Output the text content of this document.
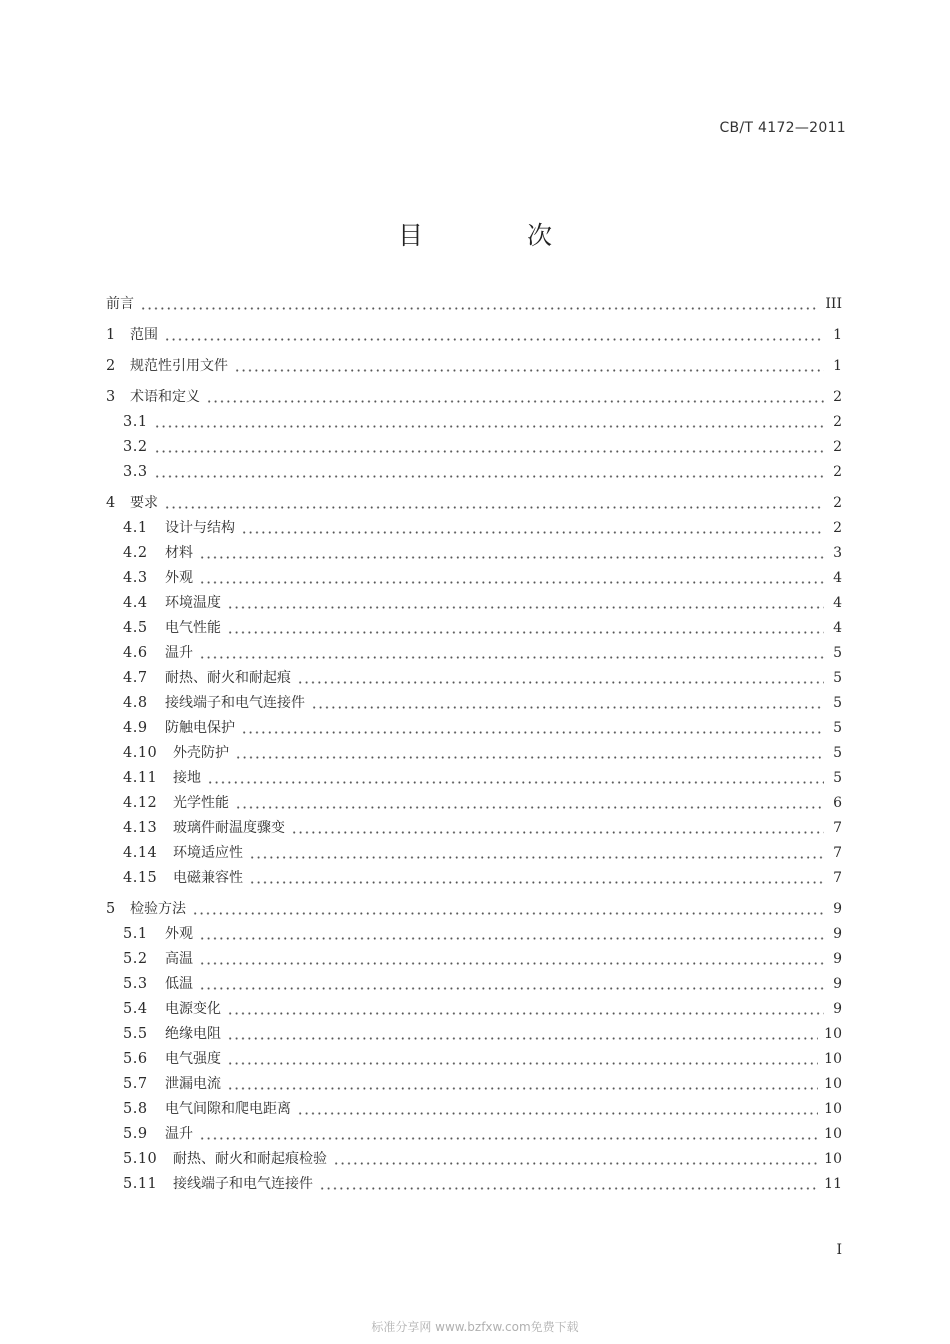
CB/T 4172—2011
目 次
前言	III
1	范围	1
2	规范性引用文件	1
3	术语和定义	2
3.1	2
3.2	2
3.3	2
4	要求	2
4.1	设计与结构	2
4.2	材料	3
4.3	外观	4
4.4	环境温度	4
4.5	电气性能	4
4.6	温升	5
4.7	耐热、耐火和耐起痕	5
4.8	接线端子和电气连接件	5
4.9	防触电保护	5
4.10	外壳防护	5
4.11	接地	5
4.12	光学性能	6
4.13	玻璃件耐温度骤变	7
4.14	环境适应性	7
4.15	电磁兼容性	7
5	检验方法	9
5.1	外观	9
5.2	高温	9
5.3	低温	9
5.4	电源变化	9
5.5	绝缘电阻	10
5.6	电气强度	10
5.7	泄漏电流	10
5.8	电气间隙和爬电距离	10
5.9	温升	10
5.10	耐热、耐火和耐起痕检验	10
5.11	接线端子和电气连接件	11
I
标准分享网 www.bzfxw.com免费下载
